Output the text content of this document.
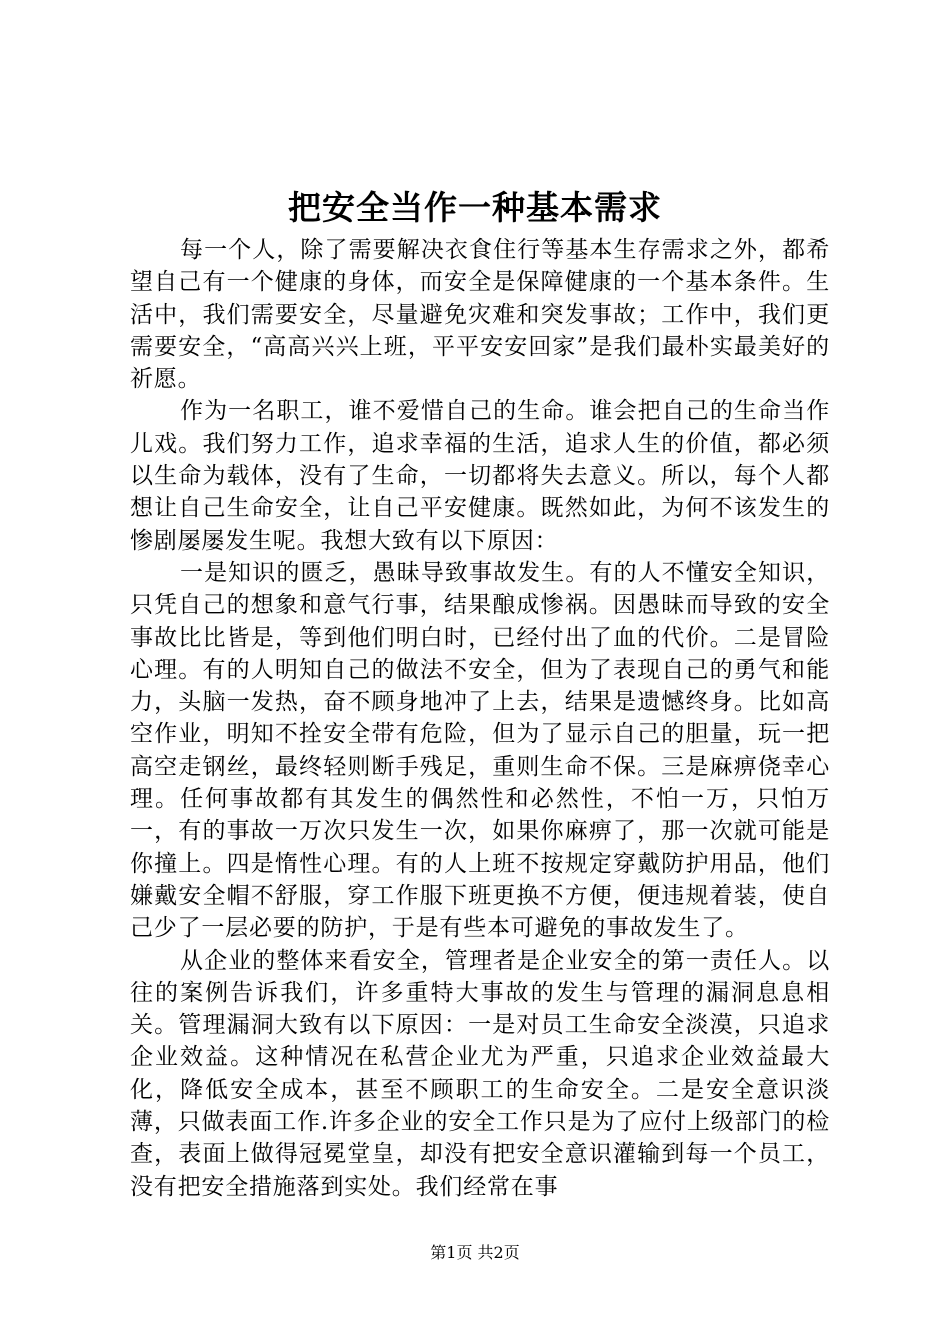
把安全当作一种基本需求

每一个人，除了需要解决衣食住行等基本生存需求之外，都希望自己有一个健康的身体，而安全是保障健康的一个基本条件。生活中，我们需要安全，尽量避免灾难和突发事故；工作中，我们更需要安全，“高高兴兴上班，平平安安回家”是我们最朴实最美好的祈愿。

作为一名职工，谁不爱惜自己的生命。谁会把自己的生命当作儿戏。我们努力工作，追求幸福的生活，追求人生的价值，都必须以生命为载体，没有了生命，一切都将失去意义。所以，每个人都想让自己生命安全，让自己平安健康。既然如此，为何不该发生的惨剧屡屡发生呢。我想大致有以下原因：

一是知识的匮乏，愚昧导致事故发生。有的人不懂安全知识，只凭自己的想象和意气行事，结果酿成惨祸。因愚昧而导致的安全事故比比皆是，等到他们明白时，已经付出了血的代价。二是冒险心理。有的人明知自己的做法不安全，但为了表现自己的勇气和能力，头脑一发热，奋不顾身地冲了上去，结果是遗憾终身。比如高空作业，明知不拴安全带有危险，但为了显示自己的胆量，玩一把高空走钢丝，最终轻则断手残足，重则生命不保。三是麻痹侥幸心理。任何事故都有其发生的偶然性和必然性，不怕一万，只怕万一，有的事故一万次只发生一次，如果你麻痹了，那一次就可能是你撞上。四是惰性心理。有的人上班不按规定穿戴防护用品，他们嫌戴安全帽不舒服，穿工作服下班更换不方便，便违规着装，使自己少了一层必要的防护，于是有些本可避免的事故发生了。

从企业的整体来看安全，管理者是企业安全的第一责任人。以往的案例告诉我们，许多重特大事故的发生与管理的漏洞息息相关。管理漏洞大致有以下原因：一是对员工生命安全淡漠，只追求企业效益。这种情况在私营企业尤为严重，只追求企业效益最大化，降低安全成本，甚至不顾职工的生命安全。二是安全意识淡薄，只做表面工作.许多企业的安全工作只是为了应付上级部门的检查，表面上做得冠冕堂皇，却没有把安全意识灌输到每一个员工，没有把安全措施落到实处。我们经常在事

第1页 共2页
